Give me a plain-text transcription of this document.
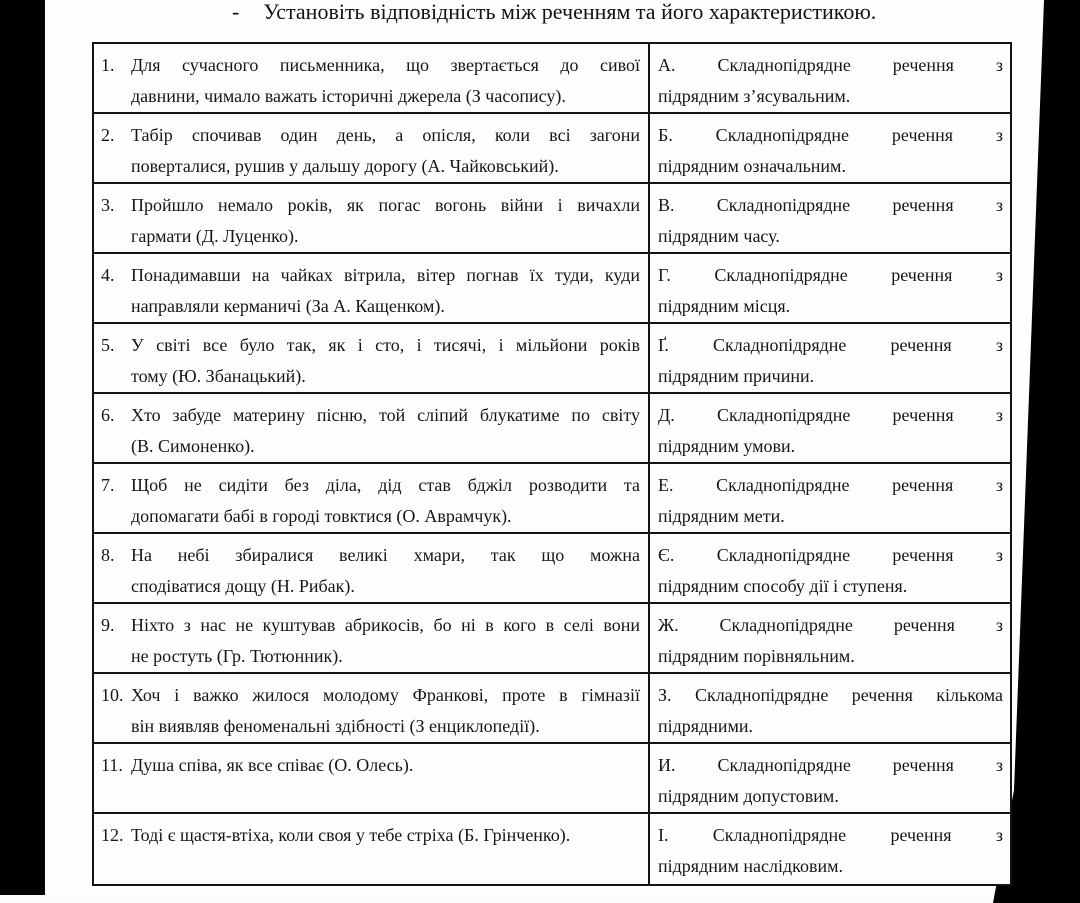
- Установіть відповідність між реченням та його характеристикою.
1. Для сучасного письменника, що звертається до сивої
давнини, чимало важать історичні джерела (З часопису).
А. Складнопідрядне речення з
підрядним з’ясувальним.
2. Табір спочивав один день, а опісля, коли всі загони
поверталися, рушив у дальшу дорогу (А. Чайковський).
Б. Складнопідрядне речення з
підрядним означальним.
3. Пройшло немало років, як погас вогонь війни і вичахли
гармати (Д. Луценко).
В. Складнопідрядне речення з
підрядним часу.
4. Понадимавши на чайках вітрила, вітер погнав їх туди, куди
направляли керманичі (За А. Кащенком).
Г. Складнопідрядне речення з
підрядним місця.
5. У світі все було так, як і сто, і тисячі, і мільйони років
тому (Ю. Збанацький).
Ґ. Складнопідрядне речення з
підрядним причини.
6. Хто забуде материну пісню, той сліпий блукатиме по світу
(В. Симоненко).
Д. Складнопідрядне речення з
підрядним умови.
7. Щоб не сидіти без діла, дід став бджіл розводити та
допомагати бабі в городі товктися (О. Аврамчук).
Е. Складнопідрядне речення з
підрядним мети.
8. На небі збиралися великі хмари, так що можна
сподіватися дощу (Н. Рибак).
Є. Складнопідрядне речення з
підрядним способу дії і ступеня.
9. Ніхто з нас не куштував абрикосів, бо ні в кого в селі вони
не ростуть (Гр. Тютюнник).
Ж. Складнопідрядне речення з
підрядним порівняльним.
10. Хоч і важко жилося молодому Франкові, проте в гімназії
він виявляв феноменальні здібності (З енциклопедії).
З. Складнопідрядне речення кількома
підрядними.
11. Душа співа, як все співає (О. Олесь).	И. Складнопідрядне речення з
підрядним допустовим.
12. Тоді є щастя-втіха, коли своя у тебе стріха (Б. Грінченко).	І. Складнопідрядне речення з
підрядним наслідковим.
